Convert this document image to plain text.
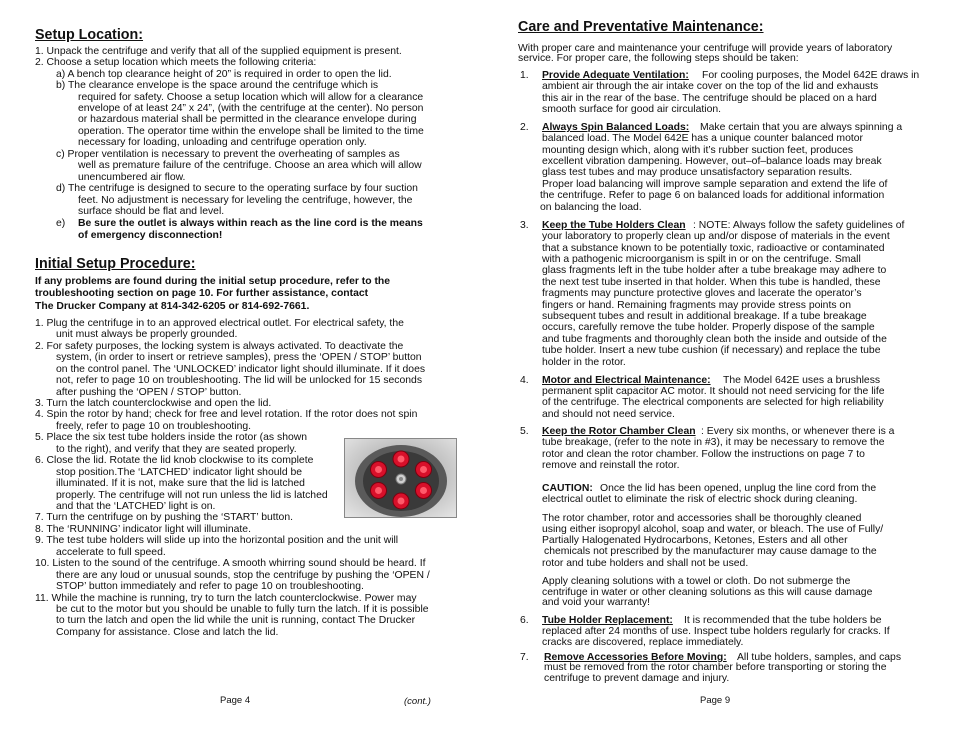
Setup Location:
1. Unpack the centrifuge and verify that all of the supplied equipment is present.
2. Choose a setup location which meets the following criteria:
a) A bench top clearance height of 20” is required in order to open the lid.
b) The clearance envelope is the space around the centrifuge which is
required for safety. Choose a setup location which will allow for a clearance
envelope of at least 24” x 24”, (with the centrifuge at the center). No person
or hazardous material shall be permitted in the clearance envelope during
operation. The operator time within the envelope shall be limited to the time
necessary for loading, unloading and centrifuge operation only.
c) Proper ventilation is necessary to prevent the overheating of samples as
well as premature failure of the centrifuge. Choose an area which will allow
unencumbered air flow.
d) The centrifuge is designed to secure to the operating surface by four suction
feet. No adjustment is necessary for leveling the centrifuge, however, the
surface should be flat and level.
e) Be sure the outlet is always within reach as the line cord is the means
of emergency disconnection!
Initial Setup Procedure:
If any problems are found during the initial setup procedure, refer to the
troubleshooting section on page 10. For further assistance, contact
The Drucker Company at 814-342-6205 or 814-692-7661.
1. Plug the centrifuge in to an approved electrical outlet. For electrical safety, the
unit must always be properly grounded.
2. For safety purposes, the locking system is always activated. To deactivate the
system, (in order to insert or retrieve samples), press the ‘OPEN / STOP’ button
on the control panel. The ‘UNLOCKED’ indicator light should illuminate. If it does
not, refer to page 10 on troubleshooting. The lid will be unlocked for 15 seconds
after pushing the ‘OPEN / STOP’ button.
3. Turn the latch counterclockwise and open the lid.
4. Spin the rotor by hand; check for free and level rotation. If the rotor does not spin
freely, refer to page 10 on troubleshooting.
5. Place the six test tube holders inside the rotor (as shown
to the right), and verify that they are seated properly.
6. Close the lid. Rotate the lid knob clockwise to its complete
stop position.The ‘LATCHED’ indicator light should be
illuminated. If it is not, make sure that the lid is latched
properly. The centrifuge will not run unless the lid is latched
and that the ‘LATCHED’ light is on.
7. Turn the centrifuge on by pushing the ‘START’ button.
8. The ‘RUNNING’ indicator light will illuminate.
9. The test tube holders will slide up into the horizontal position and the unit will
accelerate to full speed.
10. Listen to the sound of the centrifuge. A smooth whirring sound should be heard. If
there are any loud or unusual sounds, stop the centrifuge by pushing the ‘OPEN /
STOP’ button immediately and refer to page 10 on troubleshooting.
11. While the machine is running, try to turn the latch counterclockwise. Power may
be cut to the motor but you should be unable to fully turn the latch. If it is possible
to turn the latch and open the lid while the unit is running, contact The Drucker
Company for assistance. Close and latch the lid.
Page 4	(cont.)
Care and Preventative Maintenance:
With proper care and maintenance your centrifuge will provide years of laboratory
service. For proper care, the following steps should be taken:
1. Provide Adequate Ventilation: For cooling purposes, the Model 642E draws in
ambient air through the air intake cover on the top of the lid and exhausts
this air in the rear of the base. The centrifuge should be placed on a hard
smooth surface for good air circulation.
2. Always Spin Balanced Loads: Make certain that you are always spinning a
balanced load. The Model 642E has a unique counter balanced motor
mounting design which, along with it’s rubber suction feet, produces
excellent vibration dampening. However, out–of–balance loads may break
glass test tubes and may produce unsatisfactory separation results.
Proper load balancing will improve sample separation and extend the life of
the centrifuge. Refer to page 6 on balanced loads for additional information
on balancing the load.
3. Keep the Tube Holders Clean : NOTE: Always follow the safety guidelines of
your laboratory to properly clean up and/or dispose of materials in the event
that a substance known to be potentially toxic, radioactive or contaminated
with a pathogenic microorganism is spilt in or on the centrifuge. Small
glass fragments left in the tube holder after a tube breakage may adhere to
the next test tube inserted in that holder. When this tube is handled, these
fragments may puncture protective gloves and lacerate the operator’s
fingers or hand. Remaining fragments may provide stress points on
subsequent tubes and result in additional breakage. If a tube breakage
occurs, carefully remove the tube holder. Properly dispose of the sample
and tube fragments and thoroughly clean both the inside and outside of the
tube holder. Insert a new tube cushion (if necessary) and replace the tube
holder in the rotor.
4. Motor and Electrical Maintenance: The Model 642E uses a brushless
permanent split capacitor AC motor. It should not need servicing for the life
of the centrifuge. The electrical components are selected for high reliability
and should not need service.
5. Keep the Rotor Chamber Clean : Every six months, or whenever there is a
tube breakage, (refer to the note in #3), it may be necessary to remove the
rotor and clean the rotor chamber. Follow the instructions on page 7 to
remove and reinstall the rotor.
CAUTION: Once the lid has been opened, unplug the line cord from the
electrical outlet to eliminate the risk of electric shock during cleaning.
The rotor chamber, rotor and accessories shall be thoroughly cleaned
using either isopropyl alcohol, soap and water, or bleach. The use of Fully/
Partially Halogenated Hydrocarbons, Ketones, Esters and all other
chemicals not prescribed by the manufacturer may cause damage to the
rotor and tube holders and shall not be used.
Apply cleaning solutions with a towel or cloth. Do not submerge the
centrifuge in water or other cleaning solutions as this will cause damage
and void your warranty!
6. Tube Holder Replacement: It is recommended that the tube holders be
replaced after 24 months of use. Inspect tube holders regularly for cracks. If
cracks are discovered, replace immediately.
7. Remove Accessories Before Moving: All tube holders, samples, and caps
must be removed from the rotor chamber before transporting or storing the
centrifuge to prevent damage and injury.
Page 9
